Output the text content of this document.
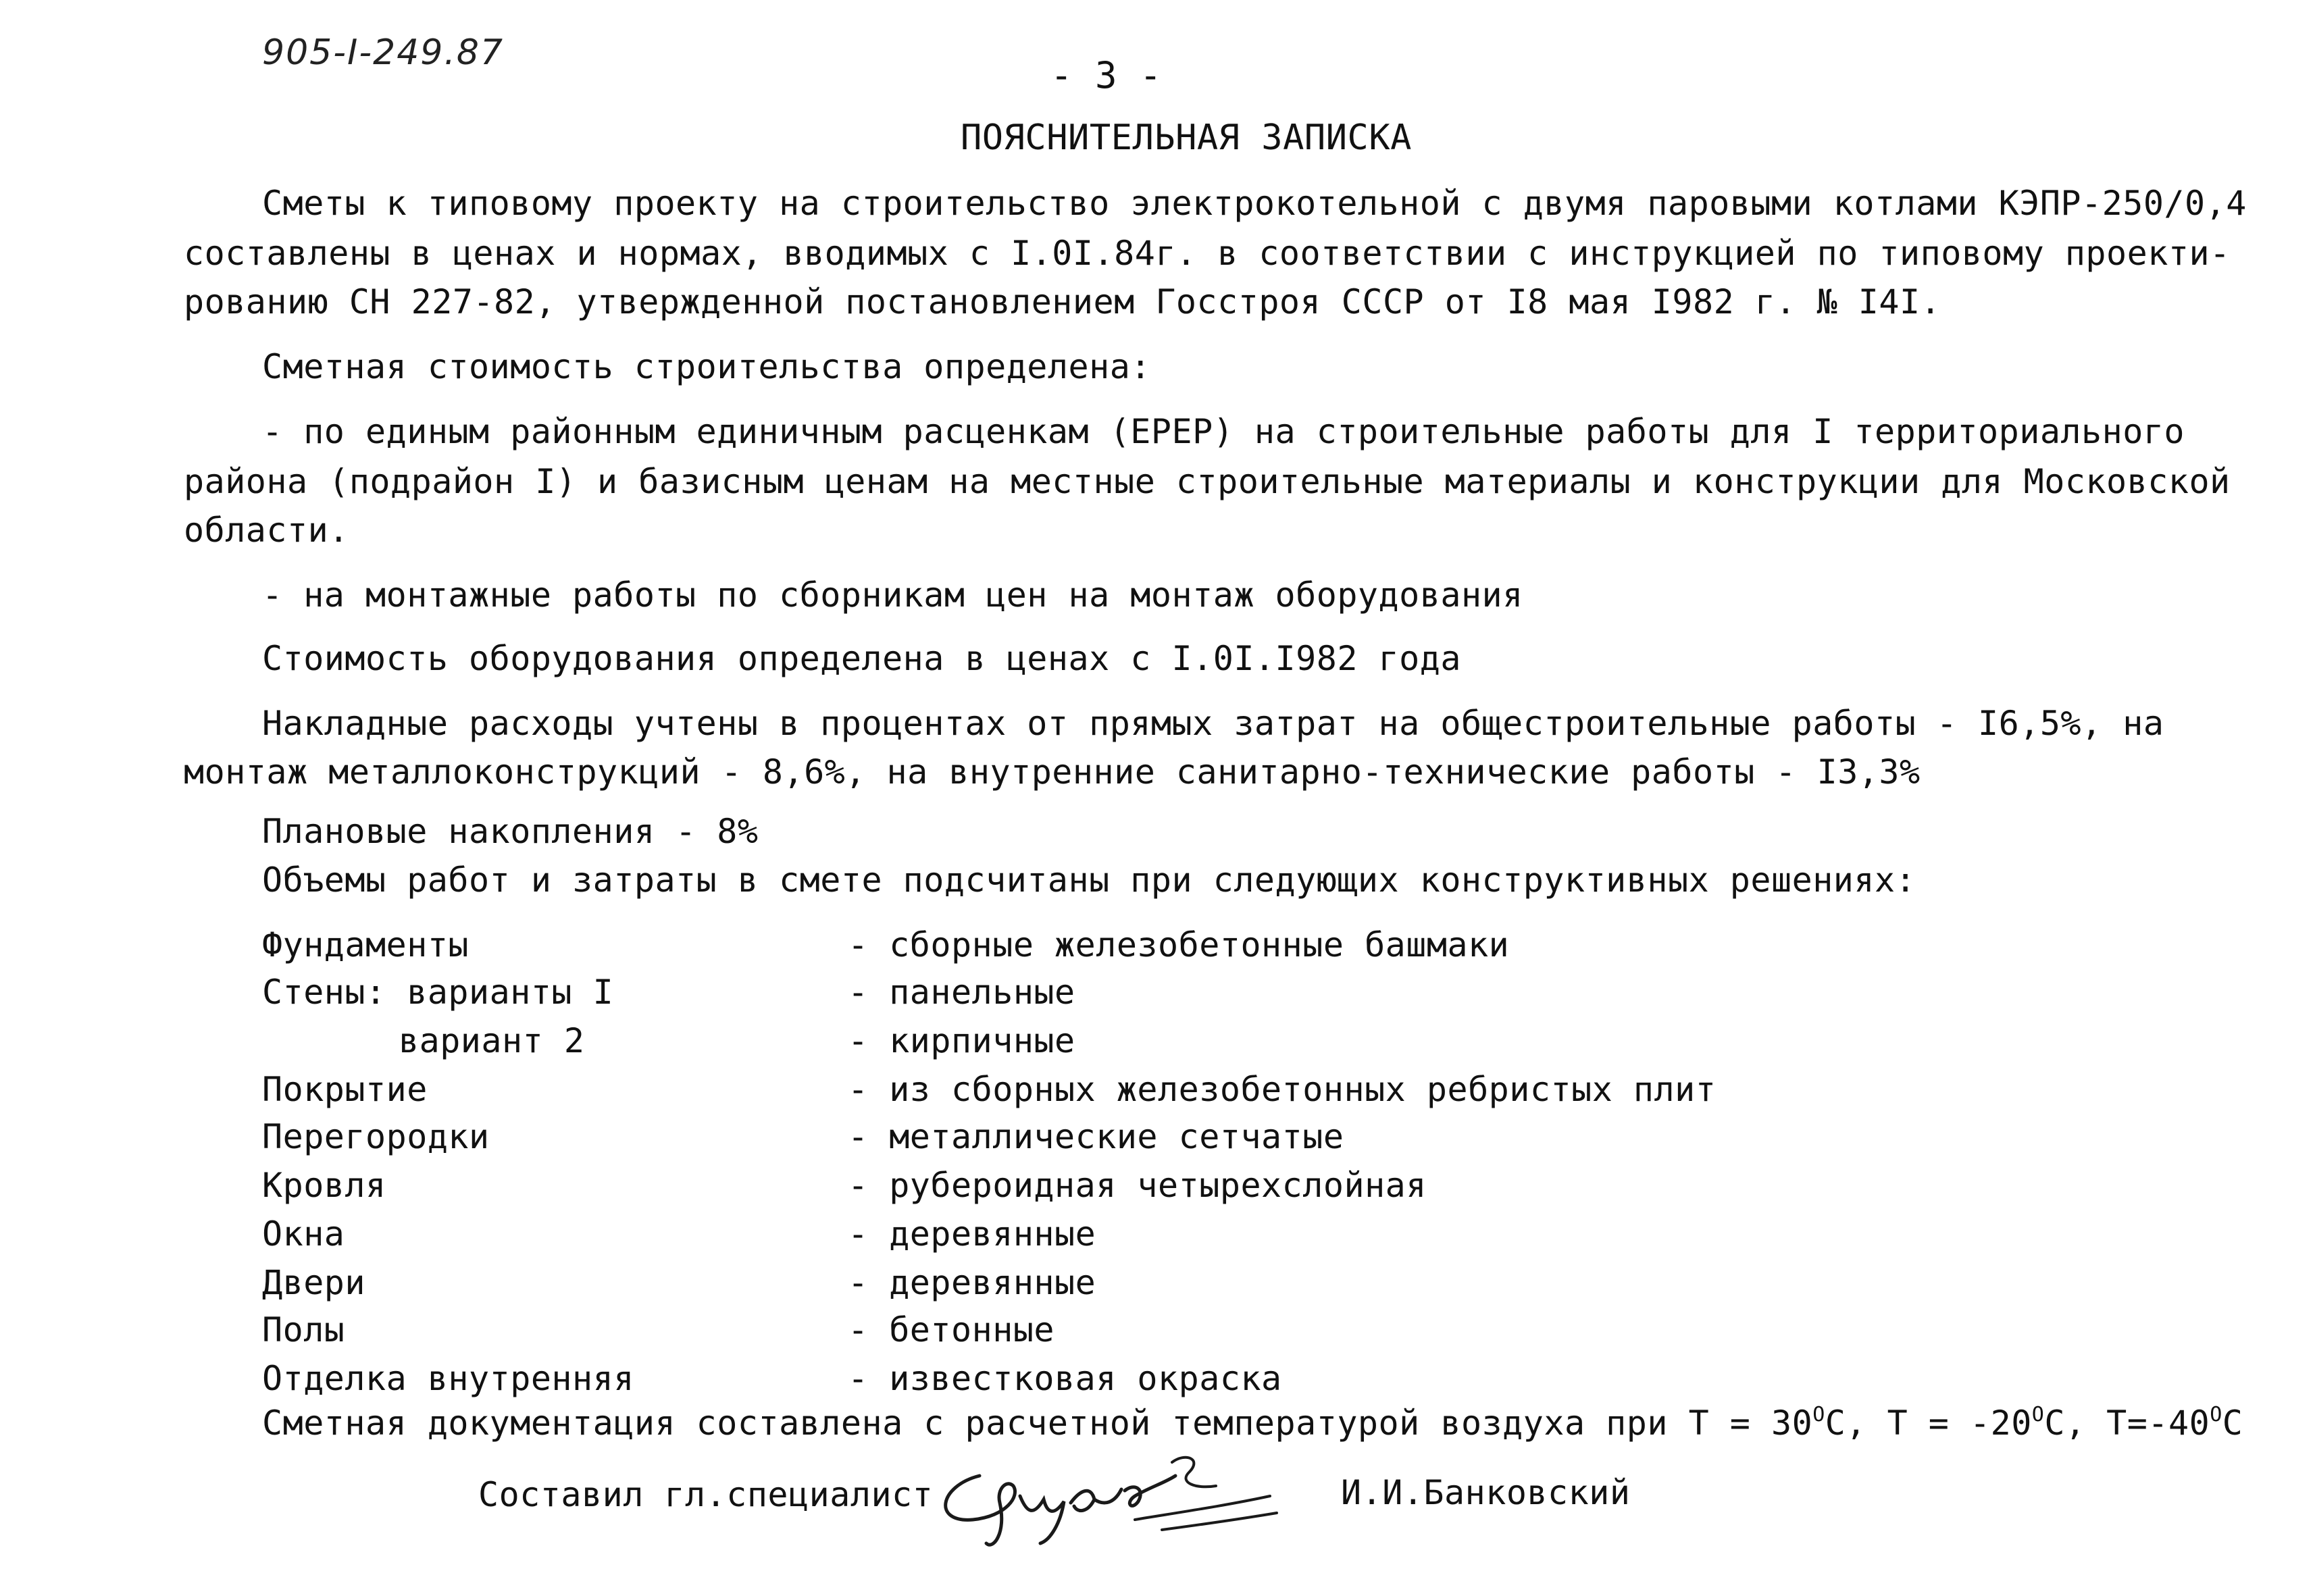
905-I-249.87
- 3 -
ПОЯСНИТЕЛЬНАЯ ЗАПИСКА
Сметы к типовому проекту на строительство электрокотельной с двумя паровыми котлами КЭПР-250/0,4
составлены в ценах и нормах, вводимых с I.0I.84г. в соответствии с инструкцией по типовому проекти-
рованию СН 227-82, утвержденной постановлением Госстроя СССР от I8 мая I982 г. № I4I.
Сметная стоимость строительства определена:
- по единым районным единичным расценкам (ЕРЕР) на строительные работы для I территориального
района (подрайон I) и базисным ценам на местные строительные материалы и конструкции для Московской
области.
- на монтажные работы по сборникам цен на монтаж оборудования
Стоимость оборудования определена в ценах с I.0I.I982 года
Накладные расходы учтены в процентах от прямых затрат на общестроительные работы - I6,5%, на
монтаж металлоконструкций - 8,6%, на внутренние санитарно-технические работы - I3,3%
Плановые накопления - 8%
Объемы работ и затраты в смете подсчитаны при следующих конструктивных решениях:
Фундаменты	- сборные железобетонные башмаки
Стены: варианты I	- панельные
вариант 2	- кирпичные
Покрытие	- из сборных железобетонных ребристых плит
Перегородки	- металлические сетчатые
Кровля	- рубероидная четырехслойная
Окна	- деревянные
Двери	- деревянные
Полы	- бетонные
Отделка внутренняя	- известковая окраска
Сметная документация составлена с расчетной температурой воздуха при $Т = 30^ОС$, $Т = -20^ОС$, $Т=-40^ОС$
Составил гл.специалист	И.И.Банковский
